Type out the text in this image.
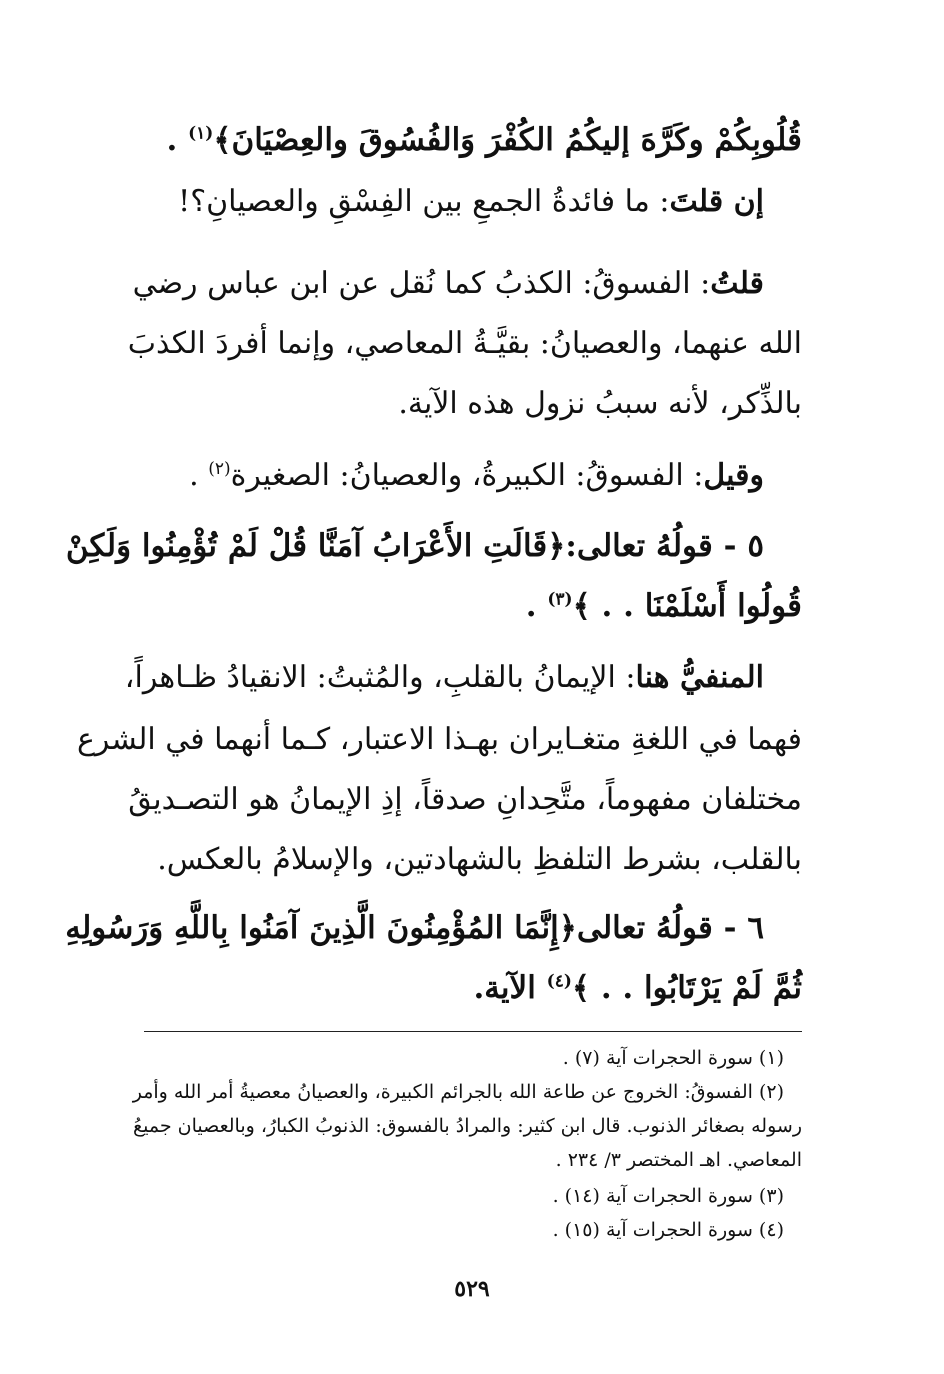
قُلُوبِكُمْ وكَرَّهَ إليكُمُ الكُفْرَ وَالفُسُوقَ والعِصْيَانَ﴾$^{(١)}$ .
إن قلتَ: ما فائدةُ الجمعِ بين الفِسْقِ والعصيانِ؟!
قلتُ: الفسوقُ: الكذبُ كما نُقل عن ابن عباس رضي
الله عنهما، والعصيانُ: بقيَّـةُ المعاصي، وإنما أفردَ الكذبَ
بالذِّكر، لأنه سببُ نزول هذه الآية.
وقيل: الفسوقُ: الكبيرةُ، والعصيانُ: الصغيرة$^{(٢)}$ .
٥ - قولُهُ تعالى:﴿قَالَتِ الأَعْرَابُ آمَنَّا قُلْ لَمْ تُؤْمِنُوا وَلَكِنْ
قُولُوا أَسْلَمْنَا . . ﴾$^{(٣)}$ .
المنفيُّ هنا: الإيمانُ بالقلبِ، والمُثبتُ: الانقيادُ ظـاهراً،
فهما في اللغةِ متغـايران بهـذا الاعتبار، كـما أنهما في الشرع
مختلفان مفهوماً، متَّحِدانِ صدقاً، إذِ الإيمانُ هو التصـديقُ
بالقلب، بشرط التلفظِ بالشهادتين، والإسلامُ بالعكس.
٦ - قولُهُ تعالى﴿إِنَّمَا المُؤْمِنُونَ الَّذِينَ آمَنُوا بِاللَّهِ وَرَسُولِهِ
ثُمَّ لَمْ يَرْتَابُوا . . ﴾$^{(٤)}$ الآية.
(١) سورة الحجرات آية (٧) .
(٢) الفسوقُ: الخروج عن طاعة الله بالجرائم الكبيرة، والعصيانُ معصيةُ أمر الله وأمر
رسوله بصغائر الذنوب. قال ابن كثير: والمرادُ بالفسوق: الذنوبُ الكبارُ، وبالعصيان جميعُ
المعاصي. اهـ المختصر ٣/ ٢٣٤ .
(٣) سورة الحجرات آية (١٤) .
(٤) سورة الحجرات آية (١٥) .
٥٢٩
